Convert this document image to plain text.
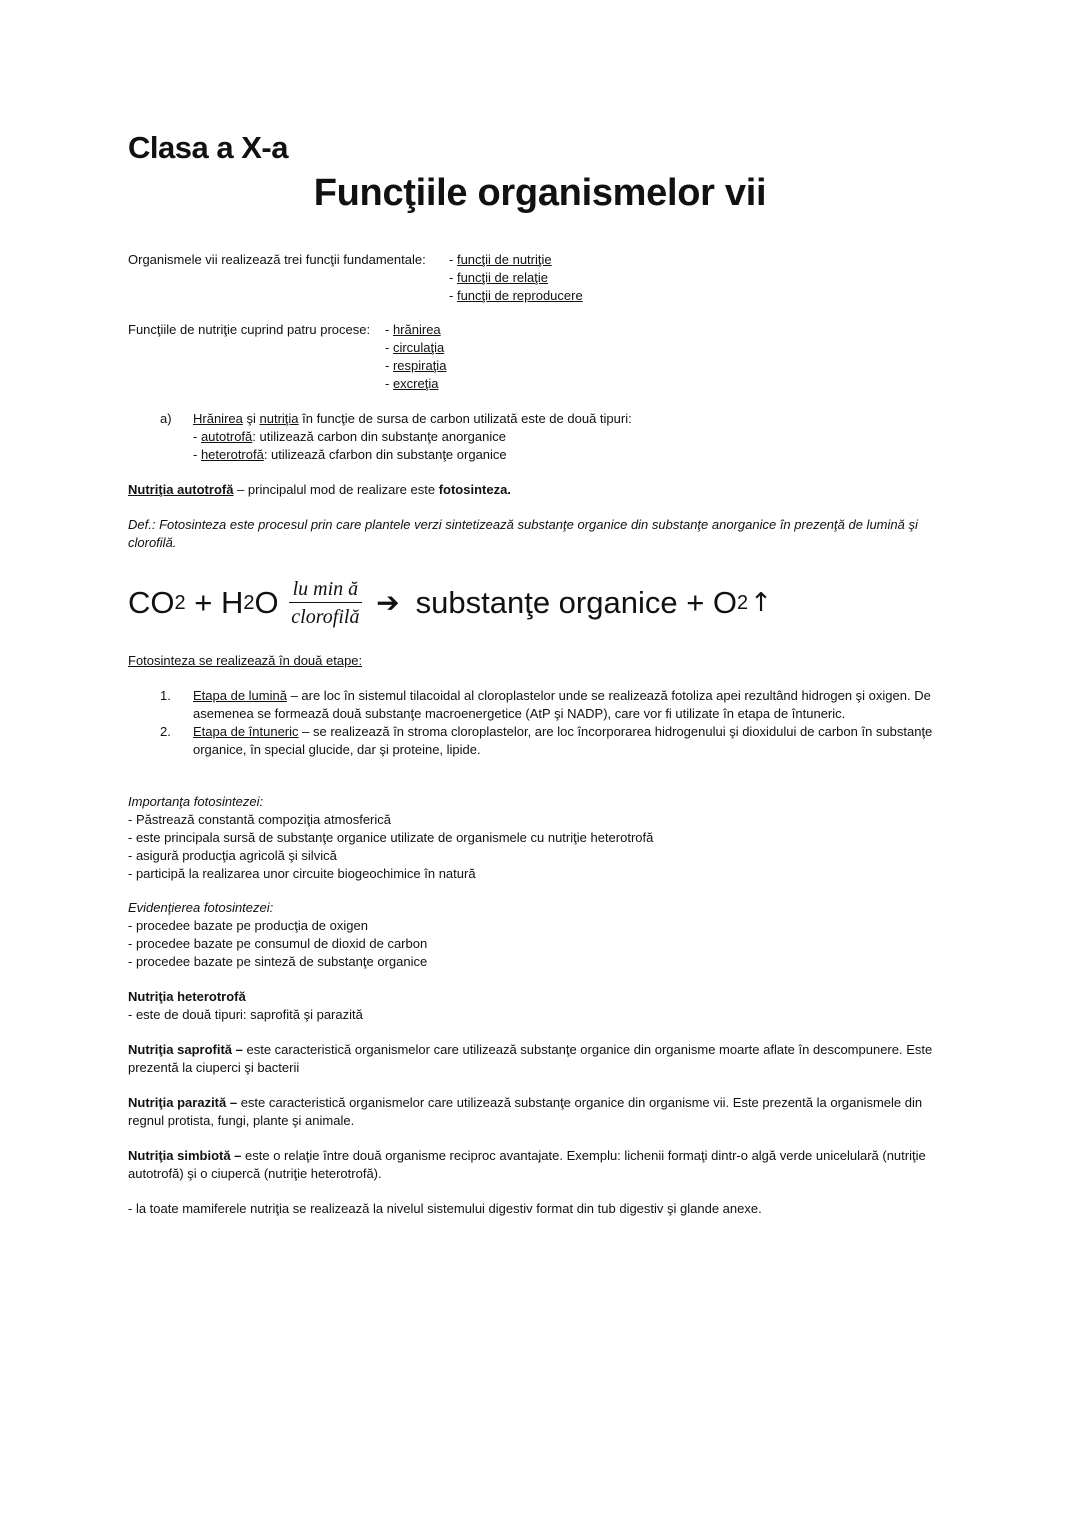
Clasa a X-a
Funcţiile organismelor vii
Organismele vii realizează trei funcţii fundamentale: - funcţii de nutriţie
- funcţii de relaţie
- funcţii de reproducere
Funcţiile de nutriţie cuprind patru procese: - hrănirea
- circulaţia
- respiraţia
- excreţia
a) Hrănirea şi nutriţia în funcţie de sursa de carbon utilizată este de două tipuri:
- autotrofă: utilizează carbon din substanţe anorganice
- heterotrofă: utilizează cfarbon din substanţe organice
Nutriţia autotrofă – principalul mod de realizare este fotosinteza.
Def.: Fotosinteza este procesul prin care plantele verzi sintetizează substanţe organice din substanţe anorganice în prezenţă de lumină şi clorofilă.
CO 2 + H 2 O $\frac{\text{lu min ă}}{\text{clorofilă}}$ ➔ substanţe organice + O 2 ↑
Fotosinteza se realizează în două etape:
1.	Etapa de lumină – are loc în sistemul tilacoidal al cloroplastelor unde se realizează fotoliza apei rezultând hidrogen şi oxigen. De asemenea se formează două substanţe macroenergetice (AtP şi NADP), care vor fi utilizate în etapa de întuneric.
2.	Etapa de întuneric – se realizează în stroma cloroplastelor, are loc încorporarea hidrogenului şi dioxidului de carbon în substanţe organice, în special glucide, dar şi proteine, lipide.
Importanţa fotosintezei:
- Păstrează constantă compoziţia atmosferică
- este principala sursă de substanţe organice utilizate de organismele cu nutriţie heterotrofă
- asigură producţia agricolă şi silvică
- participă la realizarea unor circuite biogeochimice în natură
Evidenţierea fotosintezei:
- procedee bazate pe producţia de oxigen
- procedee bazate pe consumul de dioxid de carbon
- procedee bazate pe sinteză de substanţe organice
Nutriţia heterotrofă
- este de două tipuri: saprofită şi parazită
Nutriţia saprofită – este caracteristică organismelor care utilizează substanţe organice din organisme moarte aflate în descompunere. Este prezentă la ciuperci şi bacterii
Nutriţia parazită – este caracteristică organismelor care utilizează substanţe organice din organisme vii. Este prezentă la organismele din regnul protista, fungi, plante şi animale.
Nutriţia simbiotă – este o relaţie între două organisme reciproc avantajate. Exemplu: lichenii formaţi dintr-o algă verde unicelulară (nutriţie autotrofă) şi o ciupercă (nutriţie heterotrofă).
- la toate mamiferele nutriţia se realizează la nivelul sistemului digestiv format din tub digestiv şi glande anexe.
